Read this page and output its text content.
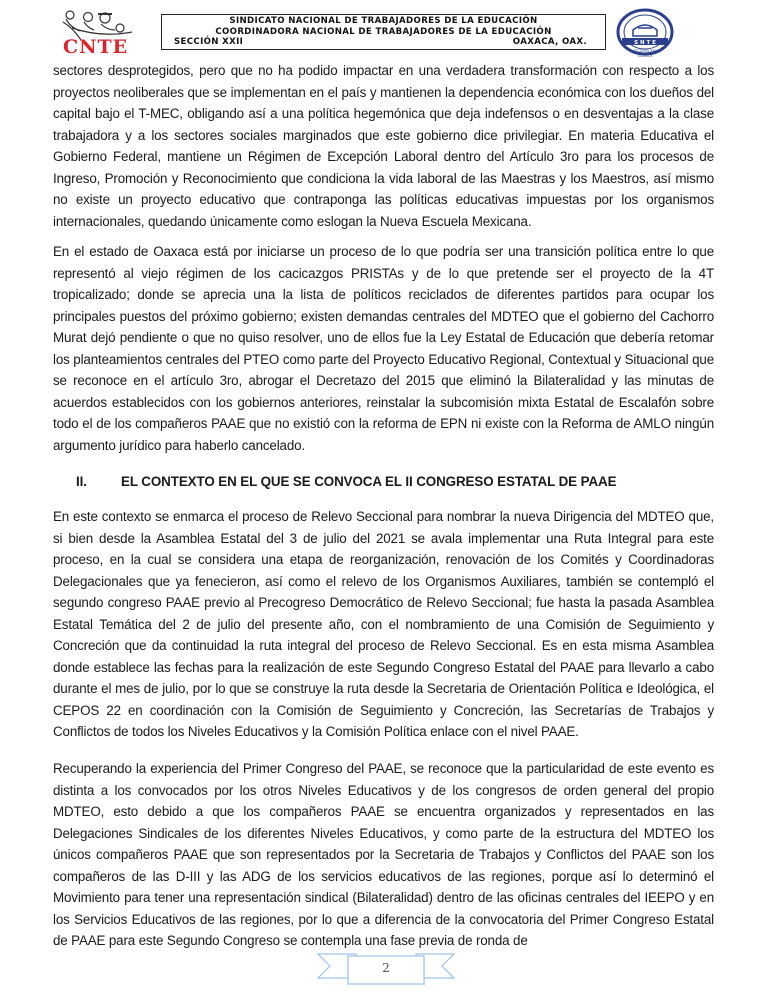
CNTE
SINDICATO NACIONAL DE TRABAJADORES DE LA EDUCACIÓN
COORDINADORA NACIONAL DE TRABAJADORES DE LA EDUCACIÓN
SECCIÓN XXII	OAXACA, OAX.	S N T E
SECCIÓN XXII
OAXACA

sectores desprotegidos, pero que no ha podido impactar en una verdadera transformación con respecto a los proyectos neoliberales que se implementan en el país y mantienen la dependencia económica con los dueños del capital bajo el T-MEC, obligando así a una política hegemónica que deja indefensos o en desventajas a la clase trabajadora y a los sectores sociales marginados que este gobierno dice privilegiar. En materia Educativa el Gobierno Federal, mantiene un Régimen de Excepción Laboral dentro del Artículo 3ro para los procesos de Ingreso, Promoción y Reconocimiento que condiciona la vida laboral de las Maestras y los Maestros, así mismo no existe un proyecto educativo que contraponga las políticas educativas impuestas por los organismos internacionales, quedando únicamente como eslogan la Nueva Escuela Mexicana.

En el estado de Oaxaca está por iniciarse un proceso de lo que podría ser una transición política entre lo que representó al viejo régimen de los cacicazgos PRISTAs y de lo que pretende ser el proyecto de la 4T tropicalizado; donde se aprecia una la lista de políticos reciclados de diferentes partidos para ocupar los principales puestos del próximo gobierno; existen demandas centrales del MDTEO que el gobierno del Cachorro Murat dejó pendiente o que no quiso resolver, uno de ellos fue la Ley Estatal de Educación que debería retomar los planteamientos centrales del PTEO como parte del Proyecto Educativo Regional, Contextual y Situacional que se reconoce en el artículo 3ro, abrogar el Decretazo del 2015 que eliminó la Bilateralidad y las minutas de acuerdos establecidos con los gobiernos anteriores, reinstalar la subcomisión mixta Estatal de Escalafón sobre todo el de los compañeros PAAE que no existió con la reforma de EPN ni existe con la Reforma de AMLO ningún argumento jurídico para haberlo cancelado.

II.	EL CONTEXTO EN EL QUE SE CONVOCA EL II CONGRESO ESTATAL DE PAAE

En este contexto se enmarca el proceso de Relevo Seccional para nombrar la nueva Dirigencia del MDTEO que, si bien desde la Asamblea Estatal del 3 de julio del 2021 se avala implementar una Ruta Integral para este proceso, en la cual se considera una etapa de reorganización, renovación de los Comités y Coordinadoras Delegacionales que ya fenecieron, así como el relevo de los Organismos Auxiliares, también se contempló el segundo congreso PAAE previo al Precogreso Democrático de Relevo Seccional; fue hasta la pasada Asamblea Estatal Temática del 2 de julio del presente año, con el nombramiento de una Comisión de Seguimiento y Concreción que da continuidad la ruta integral del proceso de Relevo Seccional. Es en esta misma Asamblea donde establece las fechas para la realización de este Segundo Congreso Estatal del PAAE para llevarlo a cabo durante el mes de julio, por lo que se construye la ruta desde la Secretaria de Orientación Política e Ideológica, el CEPOS 22 en coordinación con la Comisión de Seguimiento y Concreción, las Secretarías de Trabajos y Conflictos de todos los Niveles Educativos y la Comisión Política enlace con el nivel PAAE.

Recuperando la experiencia del Primer Congreso del PAAE, se reconoce que la particularidad de este evento es distinta a los convocados por los otros Niveles Educativos y de los congresos de orden general del propio MDTEO, esto debido a que los compañeros PAAE se encuentra organizados y representados en las Delegaciones Sindicales de los diferentes Niveles Educativos, y como parte de la estructura del MDTEO los únicos compañeros PAAE que son representados por la Secretaria de Trabajos y Conflictos del PAAE son los compañeros de las D-III y las ADG de los servicios educativos de las regiones, porque así lo determinó el Movimiento para tener una representación sindical (Bilateralidad) dentro de las oficinas centrales del IEEPO y en los Servicios Educativos de las regiones, por lo que a diferencia de la convocatoria del Primer Congreso Estatal de PAAE para este Segundo Congreso se contempla una fase previa de ronda de

2
